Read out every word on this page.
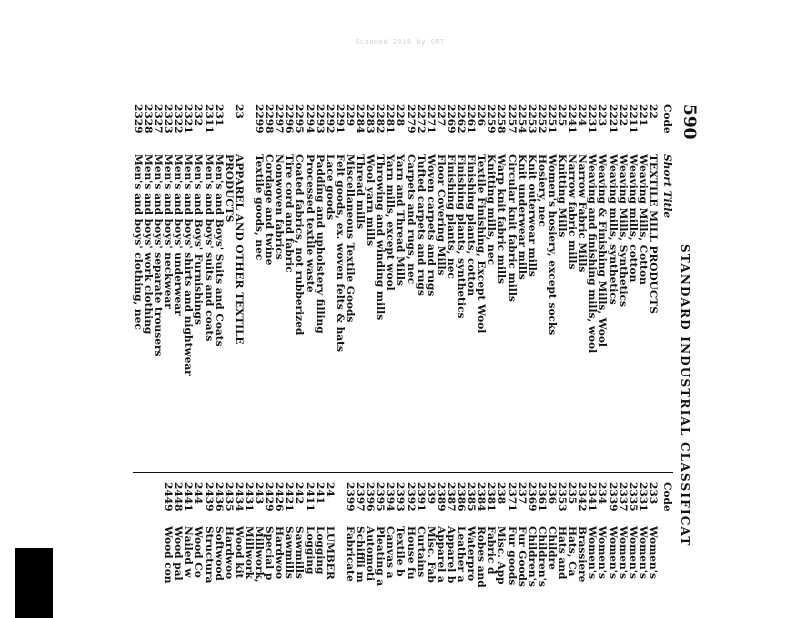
Scanned 2016 by SRT
590
STANDARD INDUSTRIAL CLASSIFICAT
Code
Short Title
22
TEXTILE MILL PRODUCTS
221
Weaving Mills, Cotton
2211
Weaving mills, cotton
222
Weaving Mills, Synthetics
2221
Weaving mills, synthetics
223
Weaving & Finishing Mills, Wool
2231
Weaving and finishing mills, wool
224
Narrow Fabric Mills
2241
Narrow fabric mills
225
Knitting Mills
2251
Women's hosiery, except socks
2252
Hosiery, nec
2253
Knit outerwear mills
2254
Knit underwear mills
2257
Circular knit fabric mills
2258
Warp knit fabric mills
2259
Knitting mills, nec
226
Textile Finishing, Except Wool
2261
Finishing plants, cotton
2262
Finishing plants, synthetics
2269
Finishing plants, nec
227
Floor Covering Mills
2271
Woven carpets and rugs
2272
Tufted carpets and rugs
2279
Carpets and rugs, nec
228
Yarn and Thread Mills
2281
Yarn mills, except wool
2282
Throwing and winding mills
2283
Wool yarn mills
2284
Thread mills
229
Miscellaneous Textile Goods
2291
Felt goods, ex. woven felts & hats
2292
Lace goods
2293
Padding and upholstery filling
2294
Processed textile waste
2295
Coated fabrics, not rubberized
2296
Tire cord and fabric
2297
Nonwoven fabrics
2298
Cordage and twine
2299
Textile goods, nec
23
APPAREL AND OTHER TEXTILE
PRODUCTS
231
Men's and Boys' Suits and Coats
2311
Men's and boys' suits and coats
232
Men's and Boys' Furnishings
2321
Men's and boys' shirts and nightwear
2322
Men's and boys' underwear
2323
Men's and boys' neckwear
2327
Men's and boys' separate trousers
2328
Men's and boys' work clothing
2329
Men's and boys' clothing, nec
Code
233
Women's
2331
Women's
2335
Women's
2337
Women's
2339
Women's
234
Women's
2341
Women's
2342
Brassiere
235
Hats, Ca
2353
Hats and
236
Childre
2361
Children's
2369
Children's
237
Fur Goods
2371
Fur goods
238
Misc. App
2381
Fabric d
2384
Robes and
2385
Waterpro
2386
Leather a
2387
Apparel b
2389
Apparel a
239
Misc. Fab
2391
Curtains
2392
House fu
2393
Textile b
2394
Canvas a
2395
Pleating a
2396
Automoti
2397
Schiffli m
2399
Fabricate
24
LUMBER
241
Logging
2411
Logging
242
Sawmills
2421
Sawmills
2426
Hardwoo
2429
Special p
243
Millwork,
2431
Millwork
2434
Wood kit
2435
Hardwoo
2436
Softwood
2439
Structura
244
Wood Co
2441
Nailed w
2448
Wood pal
2449
Wood con
